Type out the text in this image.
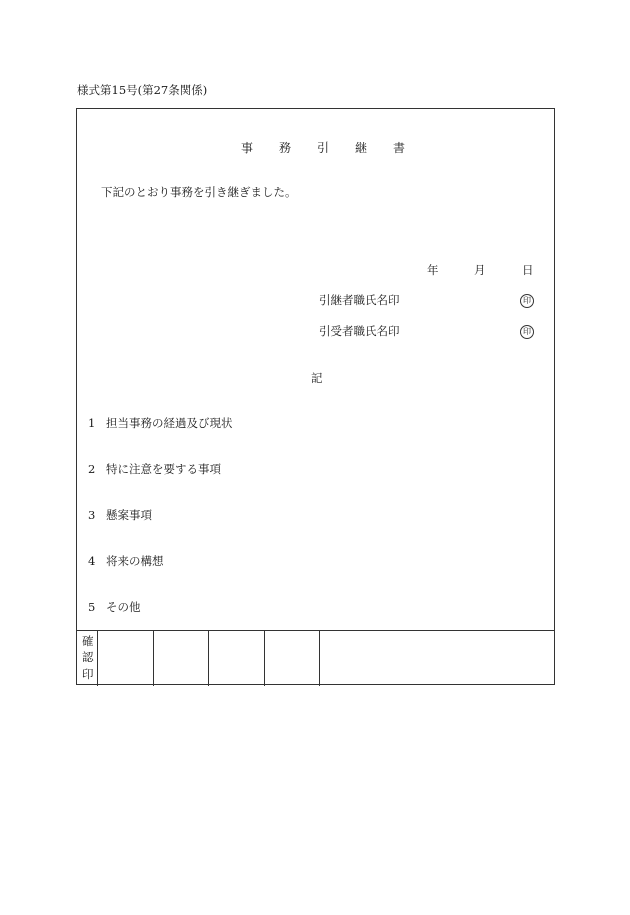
様式第15号(第27条関係)
事務引継書
下記のとおり事務を引き継ぎました。
年	月	日
引継者職氏名印	印
引受者職氏名印	印
記
1 担当事務の経過及び現状
2 特に注意を要する事項
3 懸案事項
4 将来の構想
5 その他
確
認
印
